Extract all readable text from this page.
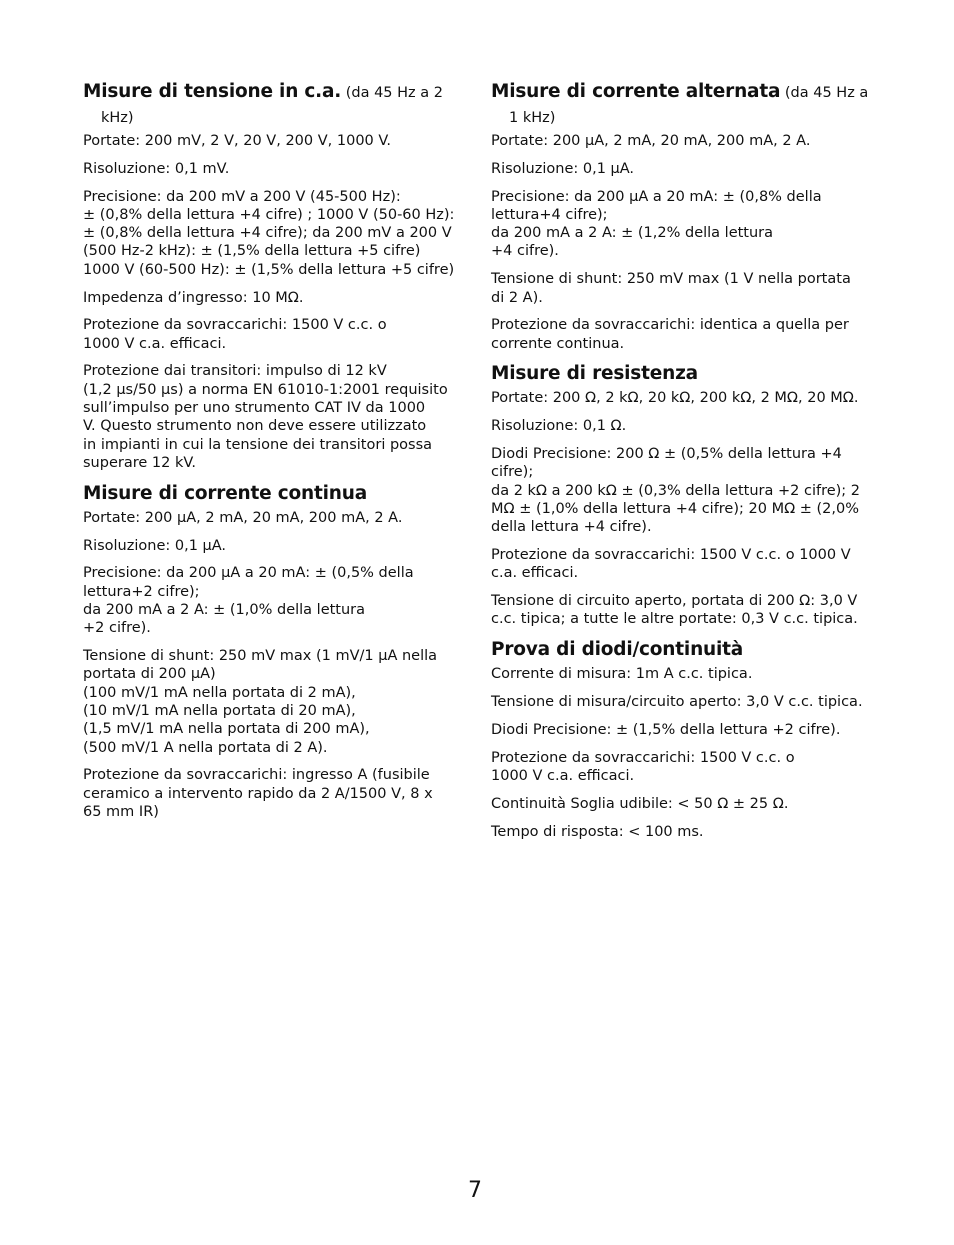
Misure di tensione in c.a. (da 45 Hz a 2 kHz)

Portate: 200 mV, 2 V, 20 V, 200 V, 1000 V.

Risoluzione: 0,1 mV.

Precisione: da 200 mV a 200 V (45-500 Hz):
± (0,8% della lettura +4 cifre) ; 1000 V (50-60 Hz):
± (0,8% della lettura +4 cifre); da 200 mV a 200 V
(500 Hz-2 kHz): ± (1,5% della lettura +5 cifre)
1000 V (60-500 Hz): ± (1,5% della lettura +5 cifre)

Impedenza d’ingresso: 10 MΩ.

Protezione da sovraccarichi: 1500 V c.c. o
1000 V c.a. efficaci.

Protezione dai transitori: impulso di 12 kV
(1,2 µs/50 µs) a norma EN 61010-1:2001 requisito
sull’impulso per uno strumento CAT IV da 1000
V. Questo strumento non deve essere utilizzato
in impianti in cui la tensione dei transitori possa
superare 12 kV.

Misure di corrente continua

Portate: 200 µA, 2 mA, 20 mA, 200 mA, 2 A.

Risoluzione: 0,1 µA.

Precisione: da 200 µA a 20 mA: ± (0,5% della
lettura+2 cifre);
da 200 mA a 2 A: ± (1,0% della lettura
+2 cifre).

Tensione di shunt: 250 mV max (1 mV/1 µA nella
portata di 200 µA)
(100 mV/1 mA nella portata di 2 mA),
(10 mV/1 mA nella portata di 20 mA),
(1,5 mV/1 mA nella portata di 200 mA),
(500 mV/1 A nella portata di 2 A).

Protezione da sovraccarichi: ingresso A (fusibile
ceramico a intervento rapido da 2 A/1500 V, 8 x
65 mm IR)

Misure di corrente alternata (da 45 Hz a 1 kHz)

Portate: 200 µA, 2 mA, 20 mA, 200 mA, 2 A.

Risoluzione: 0,1 µA.

Precisione: da 200 µA a 20 mA: ± (0,8% della
lettura+4 cifre);
da 200 mA a 2 A: ± (1,2% della lettura
+4 cifre).

Tensione di shunt: 250 mV max (1 V nella portata
di 2 A).

Protezione da sovraccarichi: identica a quella per
corrente continua.

Misure di resistenza

Portate: 200 Ω, 2 kΩ, 20 kΩ, 200 kΩ, 2 MΩ, 20 MΩ.

Risoluzione: 0,1 Ω.

Diodi Precisione: 200 Ω ± (0,5% della lettura +4
cifre);
da 2 kΩ a 200 kΩ ± (0,3% della lettura +2 cifre); 2
MΩ ± (1,0% della lettura +4 cifre); 20 MΩ ± (2,0%
della lettura +4 cifre).

Protezione da sovraccarichi: 1500 V c.c. o 1000 V
c.a. efficaci.

Tensione di circuito aperto, portata di 200 Ω: 3,0 V
c.c. tipica; a tutte le altre portate: 0,3 V c.c. tipica.

Prova di diodi/continuità

Corrente di misura: 1m A c.c. tipica.

Tensione di misura/circuito aperto: 3,0 V c.c. tipica.

Diodi Precisione: ± (1,5% della lettura +2 cifre).

Protezione da sovraccarichi: 1500 V c.c. o
1000 V c.a. efficaci.

Continuità Soglia udibile: < 50 Ω ± 25 Ω.

Tempo di risposta: < 100 ms.

7
